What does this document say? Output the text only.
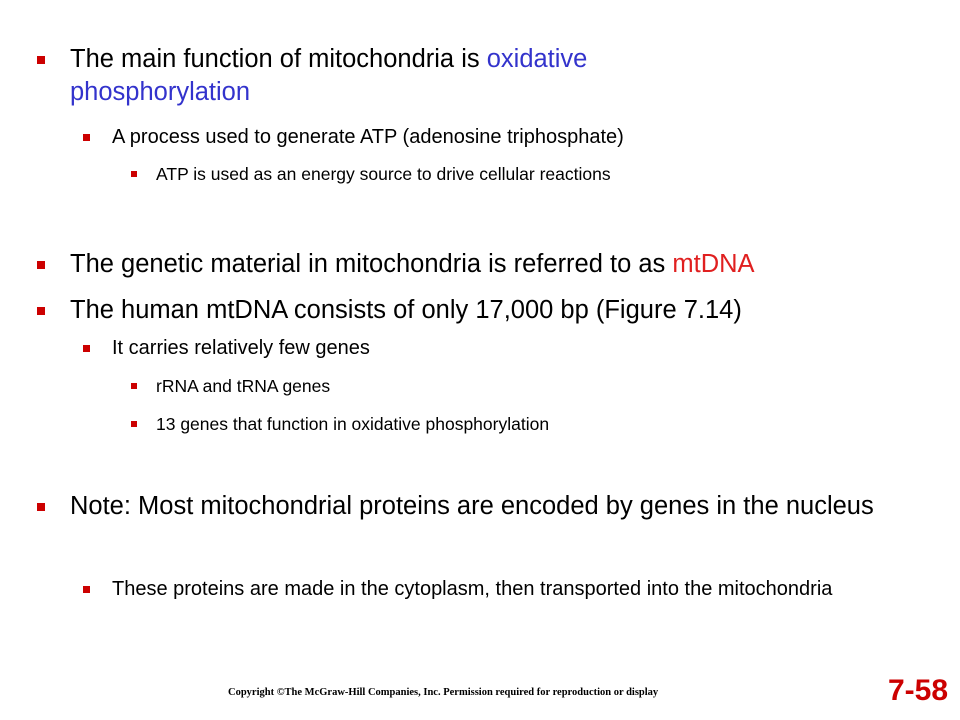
The main function of mitochondria is oxidative phosphorylation
A process used to generate ATP (adenosine triphosphate)
ATP is used as an energy source to drive cellular reactions
The genetic material in mitochondria is referred to as mtDNA
The human mtDNA consists of only 17,000 bp (Figure 7.14)
It carries relatively few genes
rRNA and tRNA genes
13 genes that function in oxidative phosphorylation
Note: Most mitochondrial proteins are encoded by genes in the nucleus
These proteins are made in the cytoplasm, then transported into the mitochondria
Copyright ©The McGraw-Hill Companies, Inc. Permission required for reproduction or display	7-58
